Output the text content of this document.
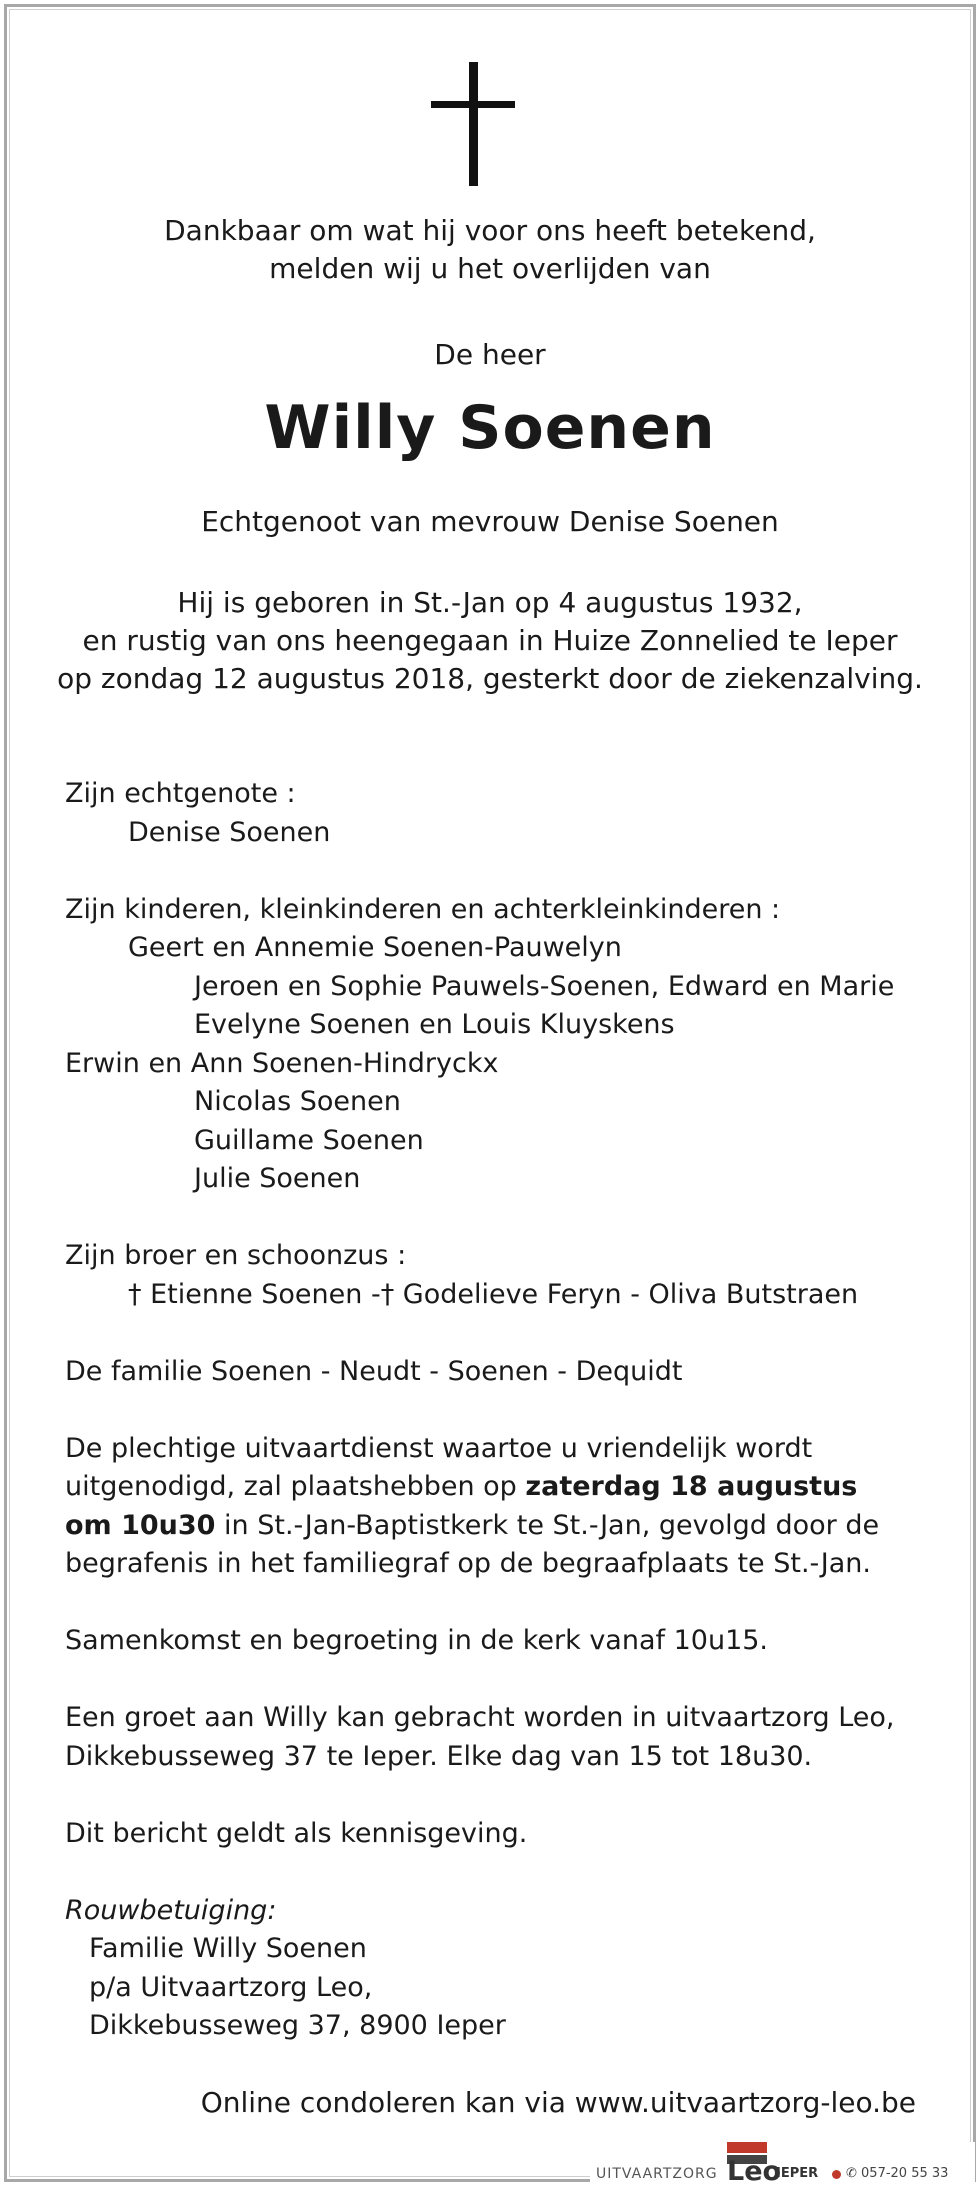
Dankbaar om wat hij voor ons heeft betekend,
melden wij u het overlijden van
De heer
Willy Soenen
Echtgenoot van mevrouw Denise Soenen
Hij is geboren in St.-Jan op 4 augustus 1932,
en rustig van ons heengegaan in Huize Zonnelied te Ieper
op zondag 12 augustus 2018, gesterkt door de ziekenzalving.
Zijn echtgenote :
Denise Soenen

Zijn kinderen, kleinkinderen en achterkleinkinderen :
Geert en Annemie Soenen-Pauwelyn
Jeroen en Sophie Pauwels-Soenen, Edward en Marie
Evelyne Soenen en Louis Kluyskens
Erwin en Ann Soenen-Hindryckx
Nicolas Soenen
Guillame Soenen
Julie Soenen

Zijn broer en schoonzus :
† Etienne Soenen -† Godelieve Feryn - Oliva Butstraen

De familie Soenen - Neudt - Soenen - Dequidt

De plechtige uitvaartdienst waartoe u vriendelijk wordt
uitgenodigd, zal plaatshebben op zaterdag 18 augustus
om 10u30 in St.-Jan-Baptistkerk te St.-Jan, gevolgd door de
begrafenis in het familiegraf op de begraafplaats te St.-Jan.

Samenkomst en begroeting in de kerk vanaf 10u15.

Een groet aan Willy kan gebracht worden in uitvaartzorg Leo,
Dikkebusseweg 37 te Ieper. Elke dag van 15 tot 18u30.

Dit bericht geldt als kennisgeving.

Rouwbetuiging:
Familie Willy Soenen
p/a Uitvaartzorg Leo,
Dikkebusseweg 37, 8900 Ieper
Online condoleren kan via www.uitvaartzorg-leo.be
UITVAARTZORG Leo
IEPER ✆ 057-20 55 33
